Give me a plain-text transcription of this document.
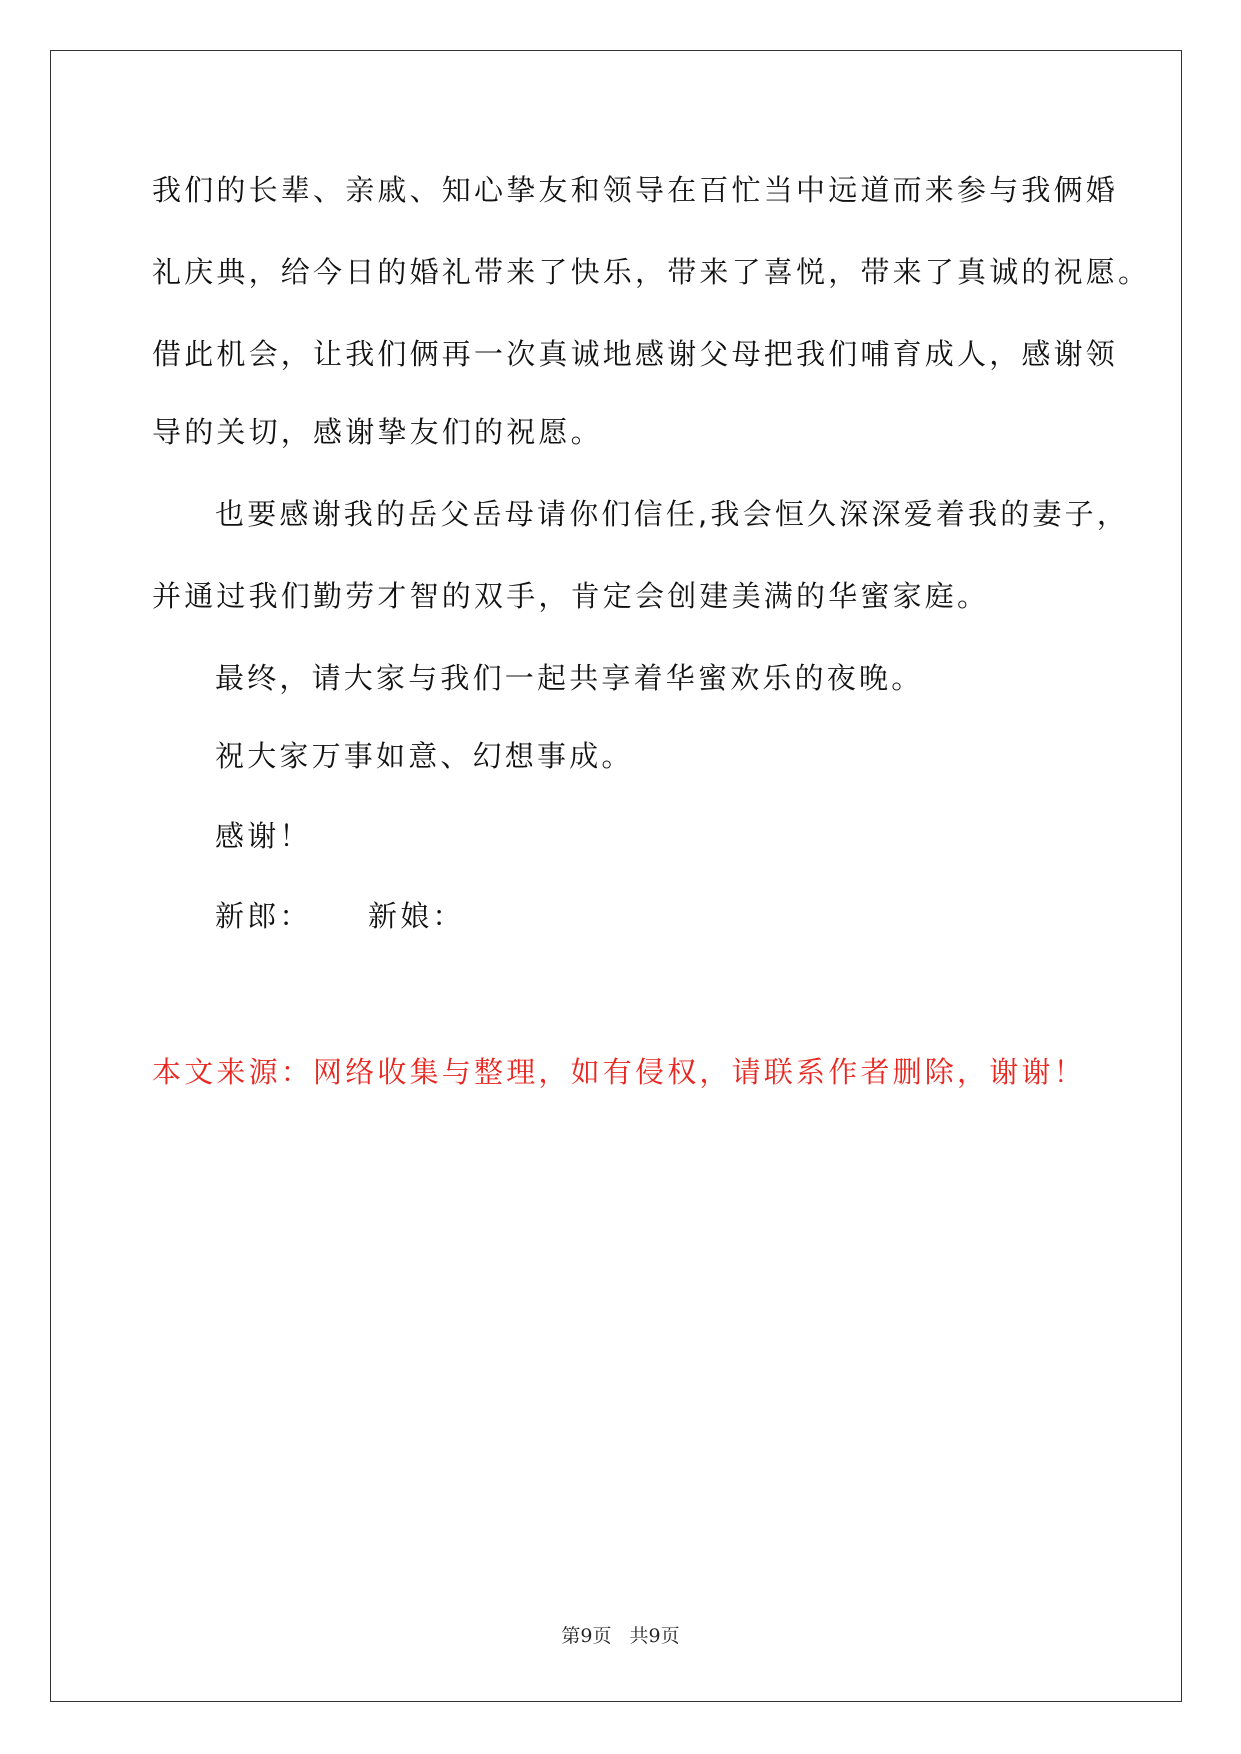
我们的长辈、亲戚、知心挚友和领导在百忙当中远道而来参与我俩婚
礼庆典，给今日的婚礼带来了快乐，带来了喜悦，带来了真诚的祝愿。
借此机会，让我们俩再一次真诚地感谢父母把我们哺育成人，感谢领
导的关切，感谢挚友们的祝愿。
也要感谢我的岳父岳母请你们信任,我会恒久深深爱着我的妻子，
并通过我们勤劳才智的双手，肯定会创建美满的华蜜家庭。
最终，请大家与我们一起共享着华蜜欢乐的夜晚。
祝大家万事如意、幻想事成。
感谢！
新郎： 新娘：
本文来源：网络收集与整理，如有侵权，请联系作者删除，谢谢！
第9页 共9页
